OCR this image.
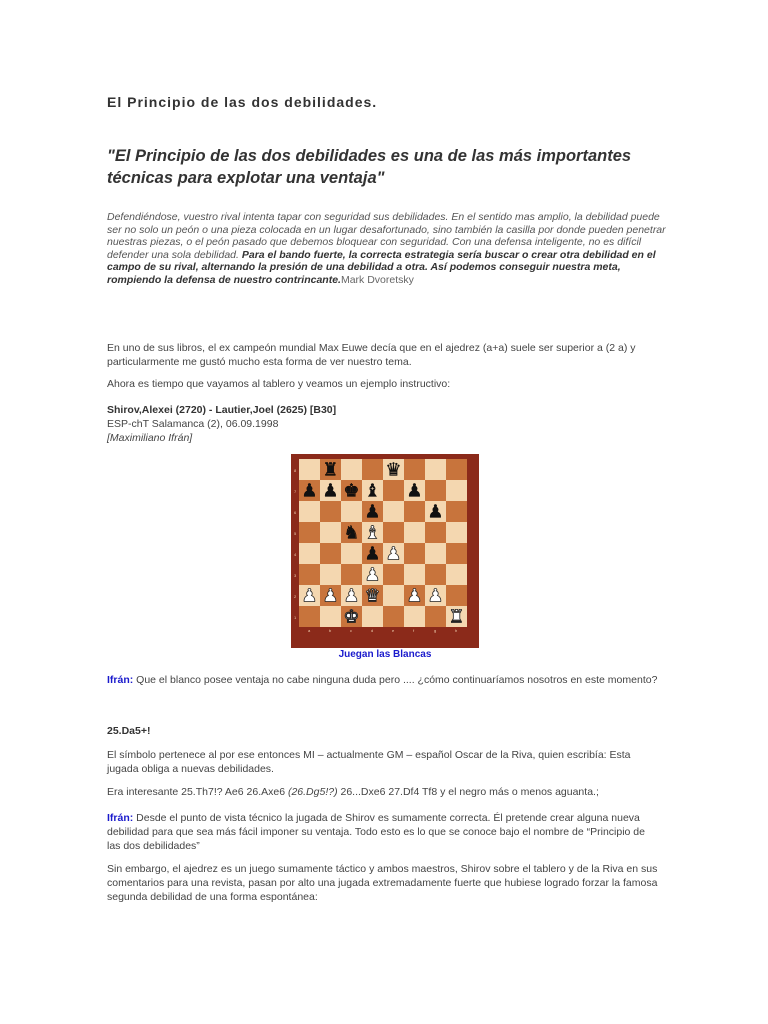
El Principio de las dos debilidades.
"El Principio de las dos debilidades es una de las más importantes técnicas para explotar una ventaja"
Defendiéndose, vuestro rival intenta tapar con seguridad sus debilidades. En el sentido mas amplio, la debilidad puede ser no solo un peón o una pieza colocada en un lugar desafortunado, sino también la casilla por donde pueden penetrar nuestras piezas, o el peón pasado que debemos bloquear con seguridad. Con una defensa inteligente, no es difícil defender una sola debilidad. Para el bando fuerte, la correcta estrategia sería buscar o crear otra debilidad en el campo de su rival, alternando la presión de una debilidad a otra. Así podemos conseguir nuestra meta, rompiendo la defensa de nuestro contrincante.Mark Dvoretsky
En uno de sus libros, el ex campeón mundial Max Euwe decía que en el ajedrez (a+a) suele ser superior a (2 a) y particularmente me gustó mucho esta forma de ver nuestro tema.
Ahora es tiempo que vayamos al tablero y veamos un ejemplo instructivo:
Shirov,Alexei (2720) - Lautier,Joel (2625) [B30]
ESP-chT Salamanca (2), 06.09.1998
[Maximiliano Ifrán]
8
7
6
5
4
3
2
1
a	b	c	d	e	f	g	h
♜	♛
♟ ♟ ♚ ♝ ♟
♟	♟
♞ ♝
♟ ♟
♟
♟ ♟ ♟ ♛ ♟ ♟
♚	♜
Juegan las Blancas
Ifrán: Que el blanco posee ventaja no cabe ninguna duda pero .... ¿cómo continuaríamos nosotros en este momento?
25.Da5+!
El símbolo pertenece al por ese entonces MI – actualmente GM – español Oscar de la Riva, quien escribía: Esta jugada obliga a nuevas debilidades.
Era interesante 25.Th7!? Ae6 26.Axe6 (26.Dg5!?) 26...Dxe6 27.Df4 Tf8 y el negro más o menos aguanta.;
Ifrán: Desde el punto de vista técnico la jugada de Shirov es sumamente correcta. Él pretende crear alguna nueva debilidad para que sea más fácil imponer su ventaja. Todo esto es lo que se conoce bajo el nombre de “Principio de las dos debilidades”
Sin embargo, el ajedrez es un juego sumamente táctico y ambos maestros, Shirov sobre el tablero y de la Riva en sus comentarios para una revista, pasan por alto una jugada extremadamente fuerte que hubiese logrado forzar la famosa segunda debilidad de una forma espontánea:
